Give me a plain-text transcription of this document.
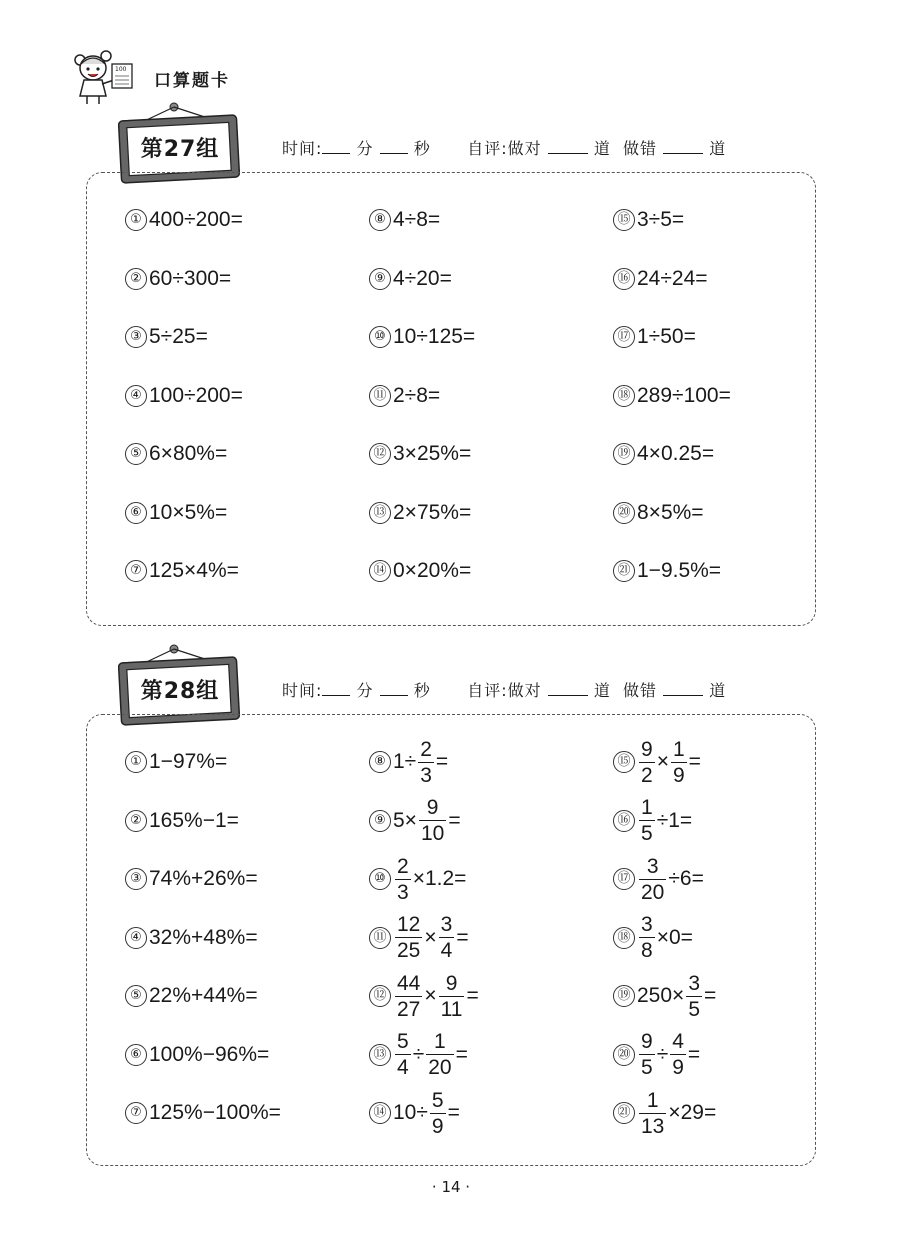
100
口算题卡
第27组	时间: 分	秒 自评:做对	道 做错	道
① 400÷200=
② 60÷300=
③ 5÷25=
④ 100÷200=
⑤ 6×80%=
⑥ 10×5%=
⑦ 125×4%=
⑧ 4÷8=
⑨ 4÷20=
⑩ 10÷125=
⑪ 2÷8=
⑫ 3×25%=
⑬ 2×75%=
⑭ 0×20%=
⑮ 3÷5=
⑯ 24÷24=
⑰ 1÷50=
⑱ 289÷100=
⑲ 4×0.25=
⑳ 8×5%=
㉑ 1−9.5%=
第28组	时间: 分	秒 自评:做对	道 做错	道
① 1−97%=
② 165%−1=
③ 74%+26%=
④ 32%+48%=
⑤ 22%+44%=
⑥ 100%−96%=
⑦ 125%−100%=
⑧ $1\div \frac{2}{3}$ =
⑨ $5\times \frac{9}{10}$ =
⑩ $\frac{2}{3} \times 1.2=$
⑪ $\frac{12}{25} \times \frac{3}{4}$ =
⑫ $\frac{44}{27} \times \frac{9}{11}$ =
⑬ $\frac{5}{4} \div \frac{1}{20}$ =
⑭ $10\div \frac{5}{9}$ =
⑮ $\frac{9}{2} \times \frac{1}{9}$ =
⑯ $\frac{1}{5} \div 1=$
⑰ $\frac{3}{20} \div 6=$
⑱ $\frac{3}{8} \times 0=$
⑲ $250\times \frac{3}{5}$ =
⑳ $\frac{9}{5} \div \frac{4}{9}$ =
㉑ $\frac{1}{13} \times 29=$
· 14 ·
